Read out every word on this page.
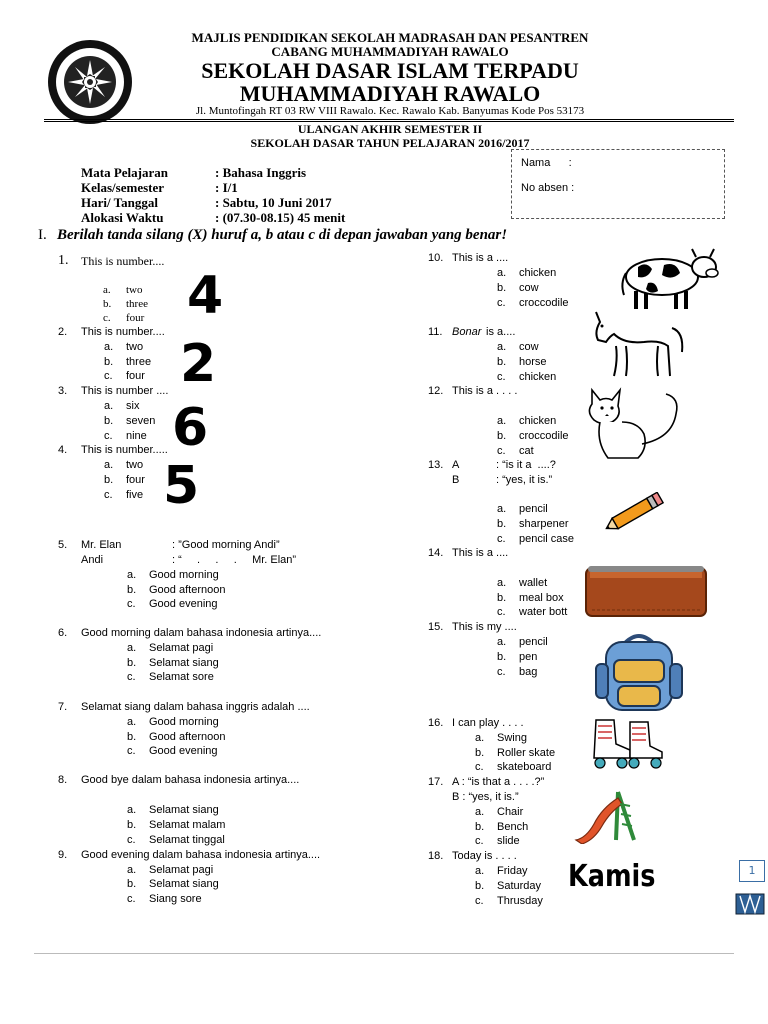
MAJLIS PENDIDIKAN SEKOLAH MADRASAH DAN PESANTREN
CABANG MUHAMMADIYAH RAWALO
SEKOLAH DASAR ISLAM TERPADU
MUHAMMADIYAH RAWALO
Jl. Muntofingah RT 03 RW VIII Rawalo. Kec. Rawalo Kab. Banyumas Kode Pos 53173
ULANGAN AKHIR SEMESTER II
SEKOLAH DASAR TAHUN PELAJARAN 2016/2017
Mata Pelajaran	: Bahasa Inggris
Kelas/semester	: I/1
Hari/ Tanggal	: Sabtu, 10 Juni 2017
Alokasi Waktu	: (07.30-08.15) 45 menit
Nama      :
No absen :
I. Berilah tanda silang (X) huruf a, b atau c di depan jawaban yang benar!
1. This is number....
a. two
b. three
c. four 4
2. This is number....
a. two
b. three
c. four 2
3. This is number ....
a. six
b. seven
c. nine 6
4. This is number.....
a. two
b. four
c. five 5
5. Mr. Elan	: ”Good morning Andi”
Andi	: “     .     .     .     Mr. Elan”
a. Good morning
b. Good afternoon
c. Good evening
6. Good morning dalam bahasa indonesia artinya....
a. Selamat pagi
b. Selamat siang
c. Selamat sore
7. Selamat siang dalam bahasa inggris adalah ....
a. Good morning
b. Good afternoon
c. Good evening
8. Good bye dalam bahasa indonesia artinya....
a. Selamat siang
b. Selamat malam
c. Selamat tinggal
9. Good evening dalam bahasa indonesia artinya....
a. Selamat pagi
b. Selamat siang
c. Siang sore
10. This is a ....
a. chicken
b. cow
c. croccodile
11. Bonar is a....
a. cow
b. horse
c. chicken
12. This is a . . . .
a. chicken
b. croccodile
c. cat
13. A	: “is it a  ....?
B	: “yes, it is.”
a. pencil
b. sharpener
c. pencil case
14. This is a ....
a. wallet
b. meal box
c. water bott
15. This is my ....
a. pencil
b. pen
c. bag
16. I can play . . . .
a. Swing
b. Roller skate
c. skateboard
17. A : “is that a . . . .?”
B : “yes, it is.”
a. Chair
b. Bench
c. slide
18. Today is . . . .
a. Friday
b. Saturday
c. Thrusday
Kamis	1
